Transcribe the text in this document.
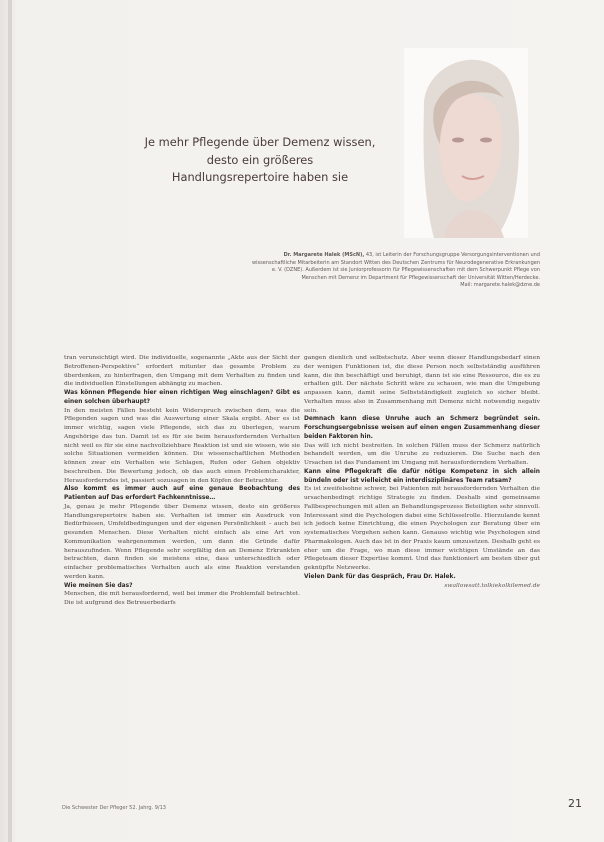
Je mehr Pflegende über Demenz wissen,
desto ein größeres
Handlungsrepertoire haben sie
Dr. Margarete Halek (MScN), 43, ist Leiterin der Forschungsgruppe Versorgungsinterventionen und wissenschaftliche Mitarbeiterin am Standort Witten des Deutschen Zentrums für Neurodegenerative Erkrankungen e. V. (DZNE). Außerdem ist sie Juniorprofessorin für Pflegewissenschaften mit dem Schwerpunkt Pflege von Menschen mit Demenz im Department für Pflegewissenschaft der Universität Witten/Herdecke.
Mail: margarete.halek@dzne.de

tran verunsichtigt wird. Die individuelle, sogenannte „Akte aus der Sicht der Betroffenen-Perspektive“ erfordert mitunter das gesamte Problem zu überdenken, zu hinterfragen, den Umgang mit dem Verhalten zu finden und die individuellen Einstellungen abhängig zu machen.

Was können Pflegende hier einen richtigen Weg einschlagen? Gibt es einen solchen überhaupt?

In den meisten Fällen besteht kein Widerspruch zwischen dem, was die Pflegenden sagen und was die Auswertung einer Skala ergibt. Aber es ist immer wichtig, sagen viele Pflegende, sich das zu überlegen, warum Angehörige das tun. Damit ist es für sie beim herausfordernden Verhalten nicht weil es für sie eine nachvollziehbare Reaktion ist und sie wissen, wie sie solche Situationen vermeiden können. Die wissenschaftlichen Methoden können zwar ein Verhalten wie Schlagen, Rufen oder Gehen objektiv beschreiben. Die Bewertung jedoch, ob das auch einen Problemcharakter, Herausforderndes ist, passiert sozusagen in den Köpfen der Betrachter.

Also kommt es immer auch auf eine genaue Beobachtung des Patienten auf Das erfordert Fachkenntnisse…

Ja, genau je mehr Pflegende über Demenz wissen, desto ein größeres Handlungsrepertoire haben sie. Verhalten ist immer ein Ausdruck von Bedürfnissen, Umfeldbedingungen und der eigenen Persönlichkeit – auch bei gesunden Menschen. Diese Verhalten nicht einfach als eine Art von Kommunikation wahrgenommen werden, um dann die Gründe dafür herauszufinden. Wenn Pflegende sehr sorgfältig den an Demenz Erkrankten betrachten, dann finden sie meistens eine, dass unterschiedlich oder einfacher problematisches Verhalten auch als eine Reaktion verstanden werden kann.

Wie meinen Sie das?

Menschen, die mit herausfordernd, weil bei immer die Problemfall betrachtet. Die ist aufgrund des Betreuerbedarfs

gangen dienlich und selbstschutz. Aber wenn dieser Handlungsbedarf einen der wenigen Funktionen ist, die diese Person noch selbstständig ausführen kann, die ihn beschäftigt und beruhigt, dann ist sie eine Ressource, die es zu erhalten gilt. Der nächste Schritt wäre zu schauen, wie man die Umgebung anpassen kann, damit seine Selbstständigkeit zugleich so sicher bleibt. Verhalten muss also in Zusammenhang mit Demenz nicht notwendig negativ sein.

Demnach kann diese Unruhe auch an Schmerz begründet sein. Forschungsergebnisse weisen auf einen engen Zusammenhang dieser beiden Faktoren hin.

Das will ich nicht bestreiten. In solchen Fällen muss der Schmerz natürlich behandelt werden, um die Unruhe zu reduzieren. Die Suche nach den Ursachen ist das Fundament im Umgang mit herausforderndem Verhalten.

Kann eine Pflegekraft die dafür nötige Kompetenz in sich allein bündeln oder ist vielleicht ein interdisziplinäres Team ratsam?

Es ist zweifelsohne schwer, bei Patienten mit herausfordernden Verhalten die ursachenbedingt richtige Strategie zu finden. Deshalb sind gemeinsame Fallbesprechungen mit allen an Behandlungsprozess Beteiligten sehr sinnvoll. Interessant sind die Psychologen dabei eine Schlüsselrolle. Hierzulande kennt ich jedoch keine Einrichtung, die einen Psychologen zur Beratung über ein systematisches Vorgehen sehen kann. Genauso wichtig wie Psychologen sind Pharmakologen. Auch das ist in der Praxis kaum umzusetzen. Deshalb geht es eher um die Frage, wo man diese immer wichtigen Umstände an das Pflegeteam dieser Expertise kommt. Und das funktioniert am besten über gut geknüpfte Netzwerke.

Vielen Dank für das Gespräch, Frau Dr. Halek.

swallowsatt.tolkiekolkilemed.de

Die Schwester Der Pfleger 52. Jahrg. 9/13	21
